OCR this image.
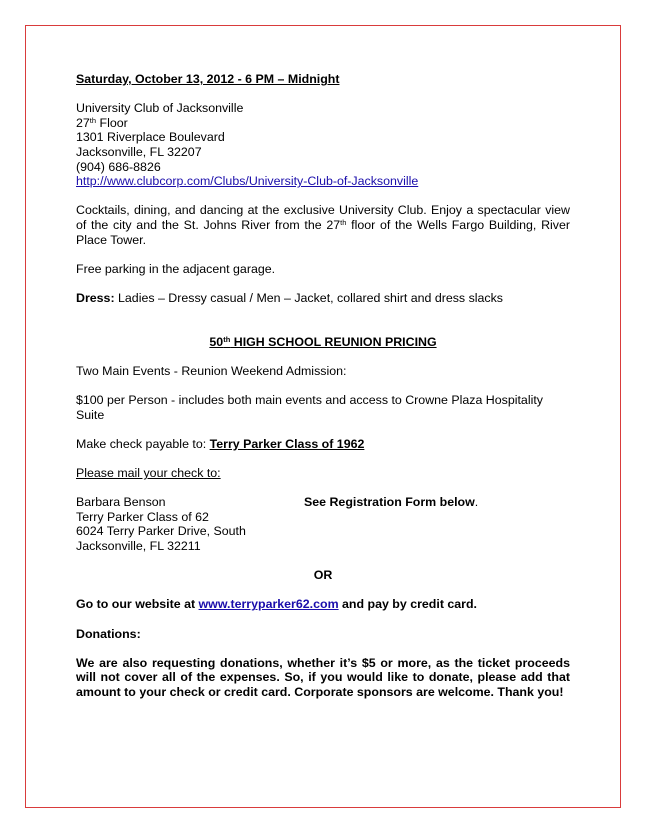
Saturday, October 13, 2012 - 6 PM – Midnight

University Club of Jacksonville

27th Floor

1301 Riverplace Boulevard

Jacksonville, FL 32207

(904) 686-8826

http://www.clubcorp.com/Clubs/University-Club-of-Jacksonville

Cocktails, dining, and dancing at the exclusive University Club. Enjoy a spectacular view of the city and the St. Johns River from the 27th floor of the Wells Fargo Building, River Place Tower.

Free parking in the adjacent garage.

Dress: Ladies – Dressy casual / Men – Jacket, collared shirt and dress slacks

50th HIGH SCHOOL REUNION PRICING

Two Main Events - Reunion Weekend Admission:

$100 per Person - includes both main events and access to Crowne Plaza Hospitality Suite

Make check payable to: Terry Parker Class of 1962

Please mail your check to:

Barbara Benson

Terry Parker Class of 62

6024 Terry Parker Drive, South

Jacksonville, FL 32211

See Registration Form below.

OR

Go to our website at www.terryparker62.com and pay by credit card.

Donations:

We are also requesting donations, whether it’s $5 or more, as the ticket proceeds will not cover all of the expenses. So, if you would like to donate, please add that amount to your check or credit card. Corporate sponsors are welcome. Thank you!
